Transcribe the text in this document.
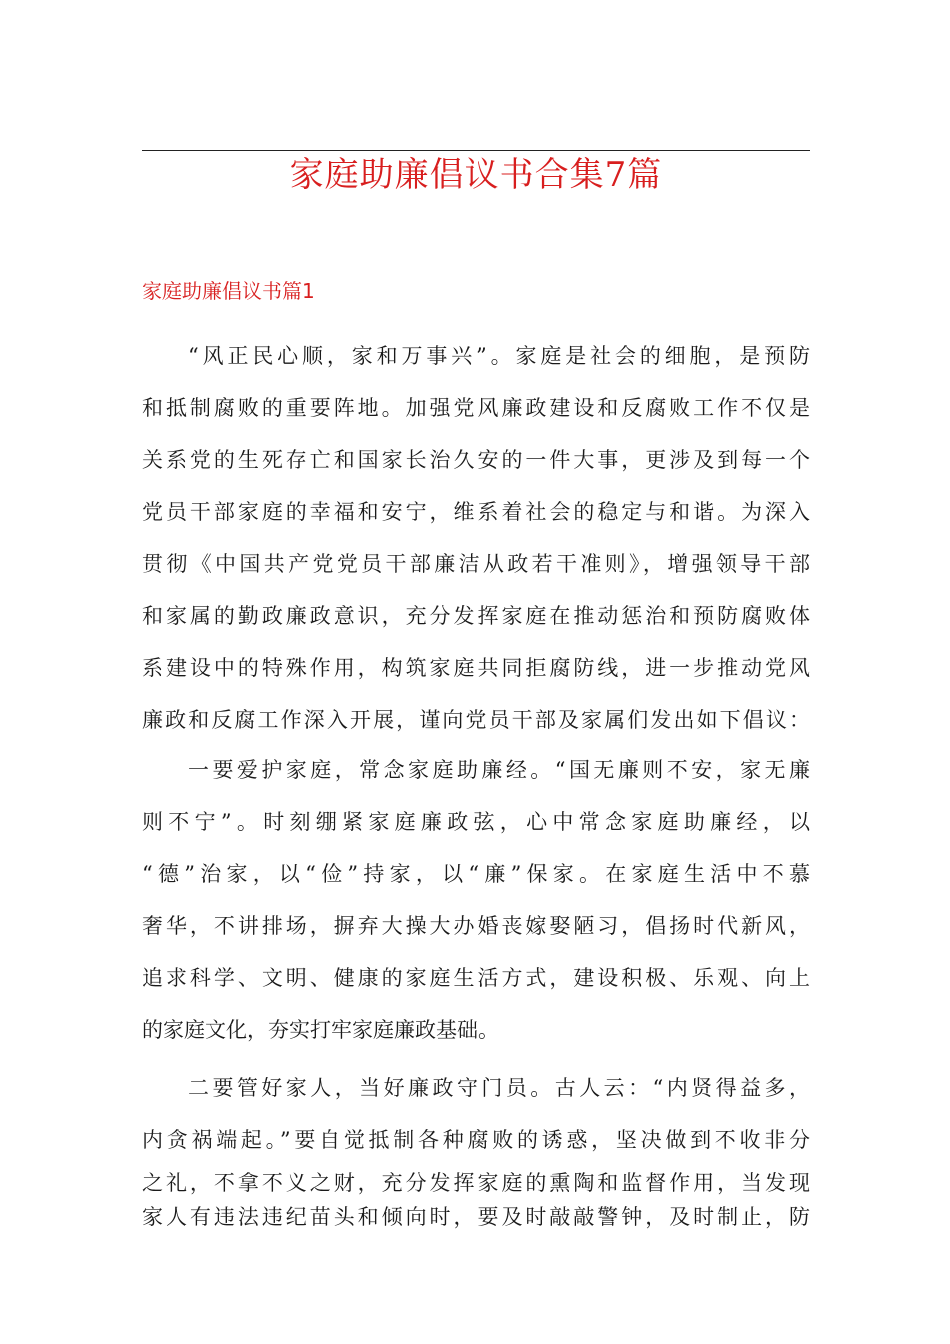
家庭助廉倡议书合集7篇
家庭助廉倡议书篇1
“风正民心顺，家和万事兴”。家庭是社会的细胞，是预防
和抵制腐败的重要阵地。加强党风廉政建设和反腐败工作不仅是
关系党的生死存亡和国家长治久安的一件大事，更涉及到每一个
党员干部家庭的幸福和安宁，维系着社会的稳定与和谐。为深入
贯彻《中国共产党党员干部廉洁从政若干准则》，增强领导干部
和家属的勤政廉政意识，充分发挥家庭在推动惩治和预防腐败体
系建设中的特殊作用，构筑家庭共同拒腐防线，进一步推动党风
廉政和反腐工作深入开展，谨向党员干部及家属们发出如下倡议：
一要爱护家庭，常念家庭助廉经。“国无廉则不安，家无廉
则不宁”。时刻绷紧家庭廉政弦，心中常念家庭助廉经，以
“德”治家，以“俭”持家，以“廉”保家。在家庭生活中不慕
奢华，不讲排场，摒弃大操大办婚丧嫁娶陋习，倡扬时代新风，
追求科学、文明、健康的家庭生活方式，建设积极、乐观、向上
的家庭文化，夯实打牢家庭廉政基础。
二要管好家人，当好廉政守门员。古人云：“内贤得益多，
内贪祸端起。”要自觉抵制各种腐败的诱惑，坚决做到不收非分
之礼，不拿不义之财，充分发挥家庭的熏陶和监督作用，当发现
家人有违法违纪苗头和倾向时，要及时敲敲警钟，及时制止，防
